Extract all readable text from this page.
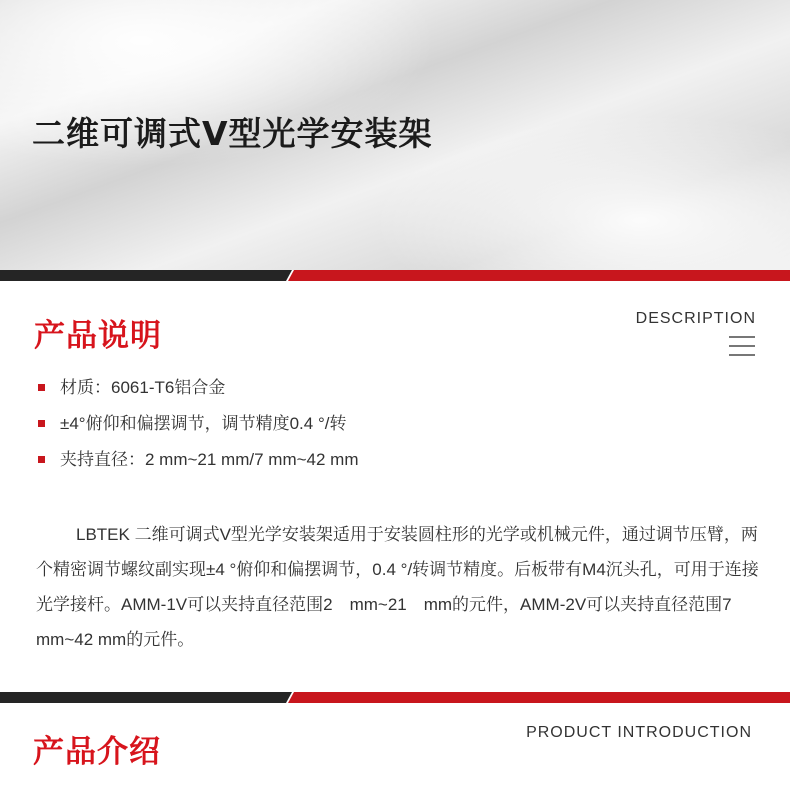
二维可调式V型光学安装架
产品说明	DESCRIPTION
材质：6061-T6铝合金
±4°俯仰和偏摆调节，调节精度0.4 °/转
夹持直径：2 mm~21 mm/7 mm~42 mm

LBTEK 二维可调式V型光学安装架适用于安装圆柱形的光学或机械元件，通过调节压臂，两个精密调节螺纹副实现±4 °俯仰和偏摆调节，0.4 °/转调节精度。后板带有M4沉头孔，可用于连接光学接杆。AMM-1V可以夹持直径范围2　mm~21　mm的元件，AMM-2V可以夹持直径范围7 mm~42 mm的元件。

产品介绍
PRODUCT INTRODUCTION
